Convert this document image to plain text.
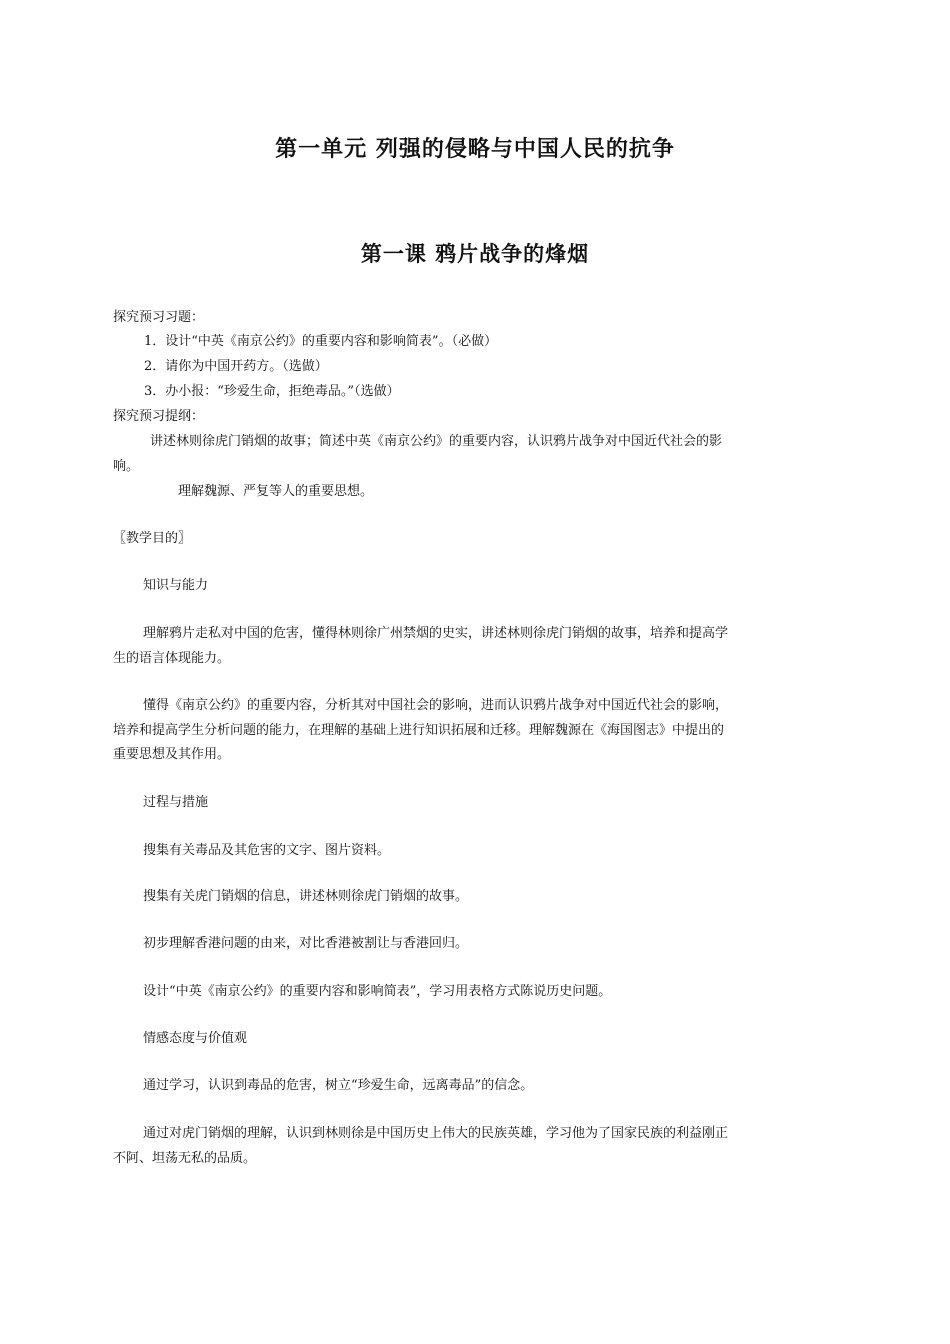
第一单元 列强的侵略与中国人民的抗争
第一课 鸦片战争的烽烟
探究预习习题：
1．设计“中英《南京公约》的重要内容和影响简表”。（必做）
2．请你为中国开药方。（选做）
3．办小报：“珍爱生命，拒绝毒品。”（选做）
探究预习提纲：
讲述林则徐虎门销烟的故事；简述中英《南京公约》的重要内容，认识鸦片战争对中国近代社会的影
响。
理解魏源、严复等人的重要思想。
〖教学目的〗
知识与能力
理解鸦片走私对中国的危害，懂得林则徐广州禁烟的史实，讲述林则徐虎门销烟的故事，培养和提高学
生的语言体现能力。
懂得《南京公约》的重要内容，分析其对中国社会的影响，进而认识鸦片战争对中国近代社会的影响，
培养和提高学生分析问题的能力，在理解的基础上进行知识拓展和迁移。理解魏源在《海国图志》中提出的
重要思想及其作用。
过程与措施
搜集有关毒品及其危害的文字、图片资料。
搜集有关虎门销烟的信息，讲述林则徐虎门销烟的故事。
初步理解香港问题的由来，对比香港被割让与香港回归。
设计“中英《南京公约》的重要内容和影响简表”，学习用表格方式陈说历史问题。
情感态度与价值观
通过学习，认识到毒品的危害，树立“珍爱生命，远离毒品”的信念。
通过对虎门销烟的理解，认识到林则徐是中国历史上伟大的民族英雄，学习他为了国家民族的利益刚正
不阿、坦荡无私的品质。
